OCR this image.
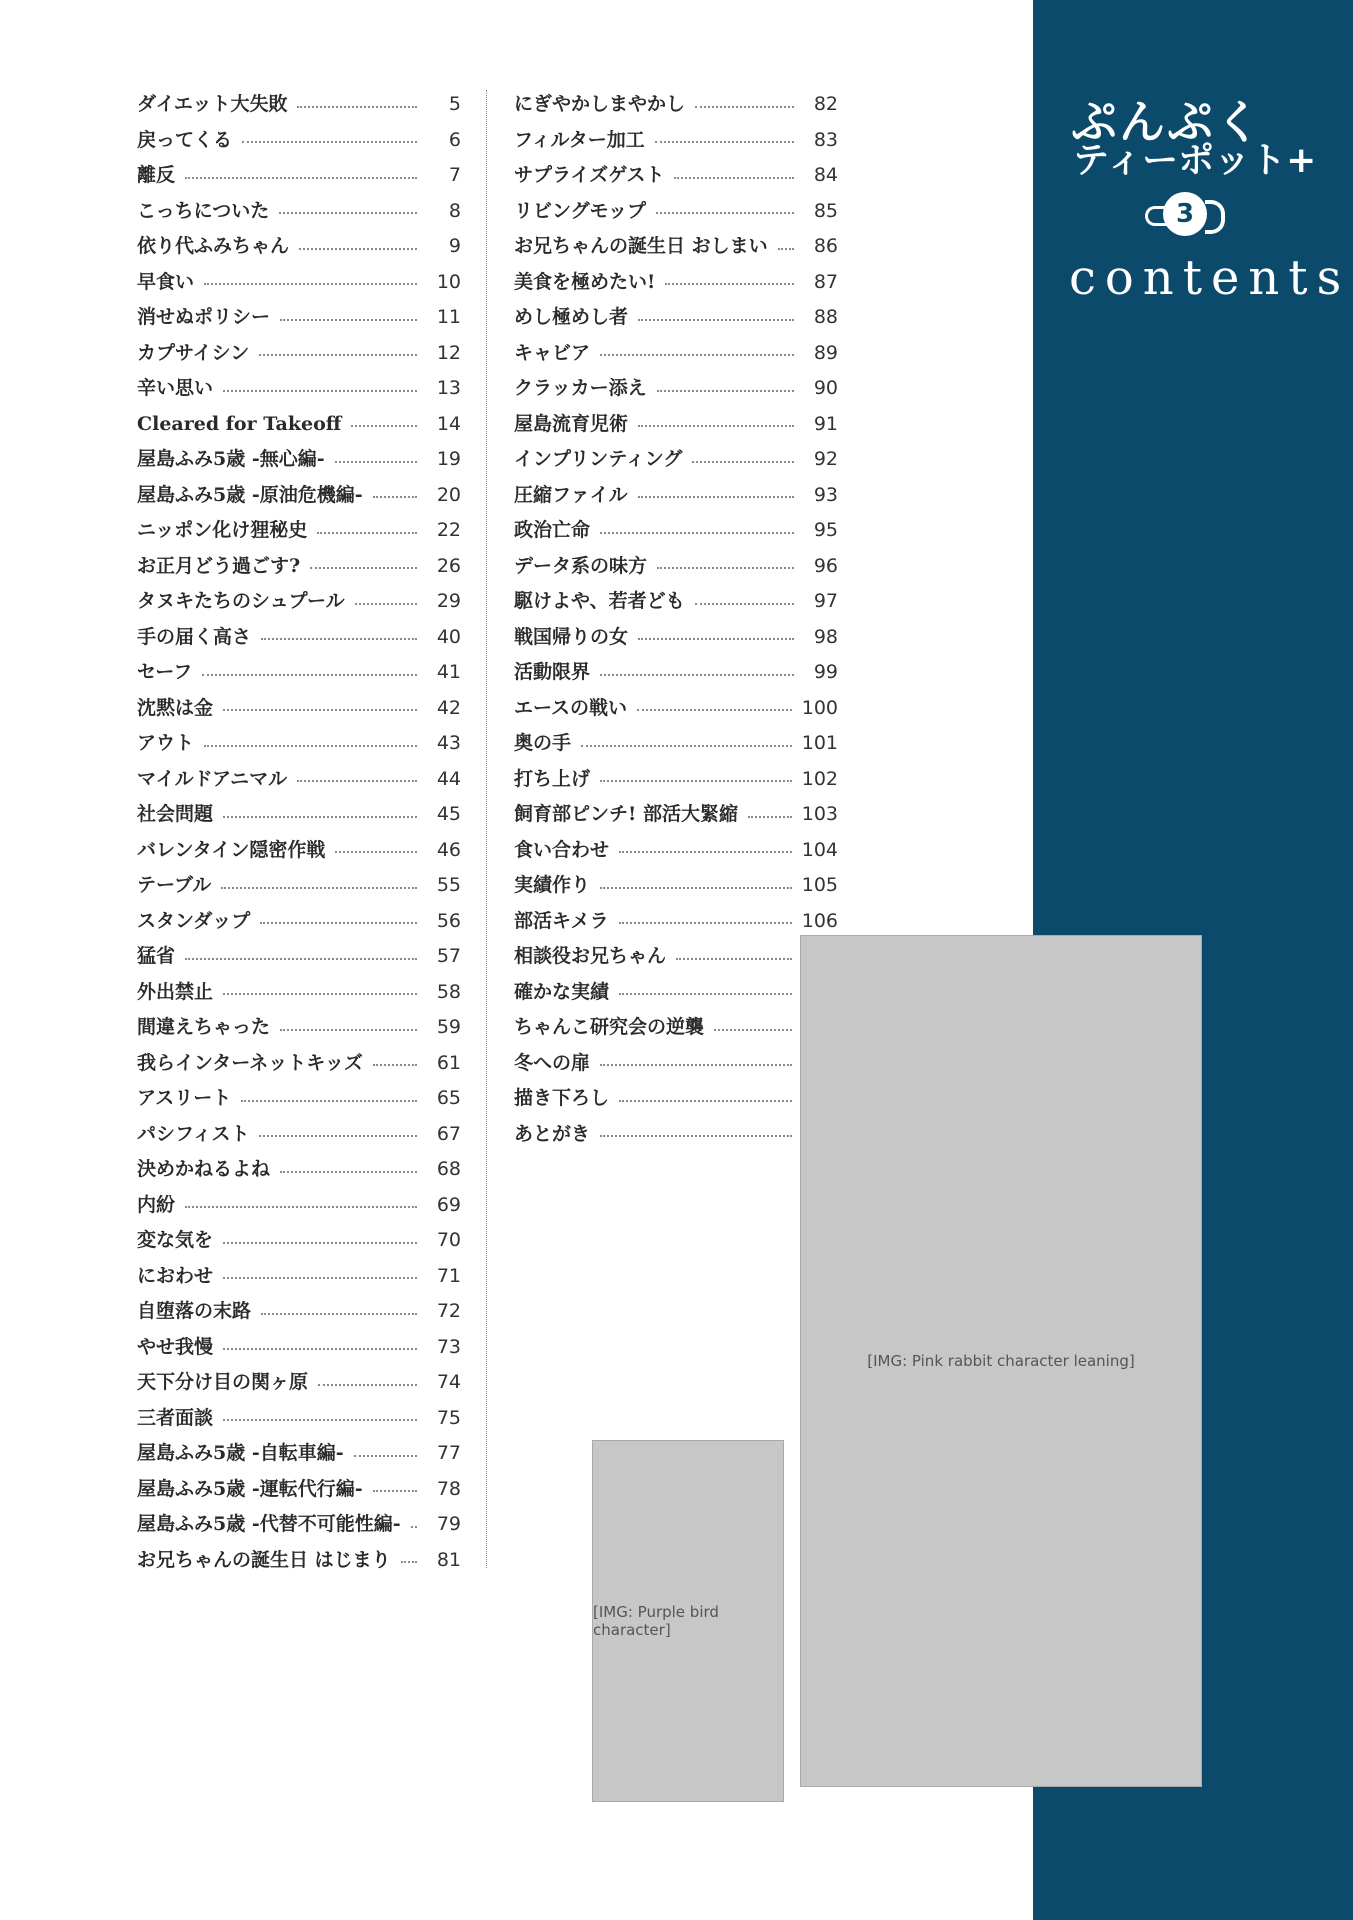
ダイエット大失敗	5
戻ってくる	6
離反	7
こっちについた	8
依り代ふみちゃん	9
早食い	10
消せぬポリシー	11
カプサイシン	12
辛い思い	13
Cleared for Takeoff	14
屋島ふみ5歳 -無心編-	19
屋島ふみ5歳 -原油危機編-	20
ニッポン化け狸秘史	22
お正月どう過ごす?	26
タヌキたちのシュプール	29
手の届く高さ	40
セーフ	41
沈黙は金	42
アウト	43
マイルドアニマル	44
社会問題	45
バレンタイン隠密作戦	46
テーブル	55
スタンダップ	56
猛省	57
外出禁止	58
間違えちゃった	59
我らインターネットキッズ	61
アスリート	65
パシフィスト	67
決めかねるよね	68
内紛	69
変な気を	70
におわせ	71
自堕落の末路	72
やせ我慢	73
天下分け目の関ヶ原	74
三者面談	75
屋島ふみ5歳 -自転車編-	77
屋島ふみ5歳 -運転代行編-	78
屋島ふみ5歳 -代替不可能性編-	79
お兄ちゃんの誕生日 はじまり	81
にぎやかしまやかし	82
フィルター加工	83
サプライズゲスト	84
リビングモップ	85
お兄ちゃんの誕生日 おしまい	86
美食を極めたい!	87
めし極めし者	88
キャビア	89
クラッカー添え	90
屋島流育児術	91
インプリンティング	92
圧縮ファイル	93
政治亡命	95
データ系の味方	96
駆けよや、若者ども	97
戦国帰りの女	98
活動限界	99
エースの戦い	100
奥の手	101
打ち上げ	102
飼育部ピンチ! 部活大緊縮	103
食い合わせ	104
実績作り	105
部活キメラ	106
相談役お兄ちゃん
確かな実績
ちゃんこ研究会の逆襲
冬への扉
描き下ろし
あとがき
[IMG: Purple bird character]
ぷんぷく
ティーポット+
3
contents
[IMG: Pink rabbit character leaning]
